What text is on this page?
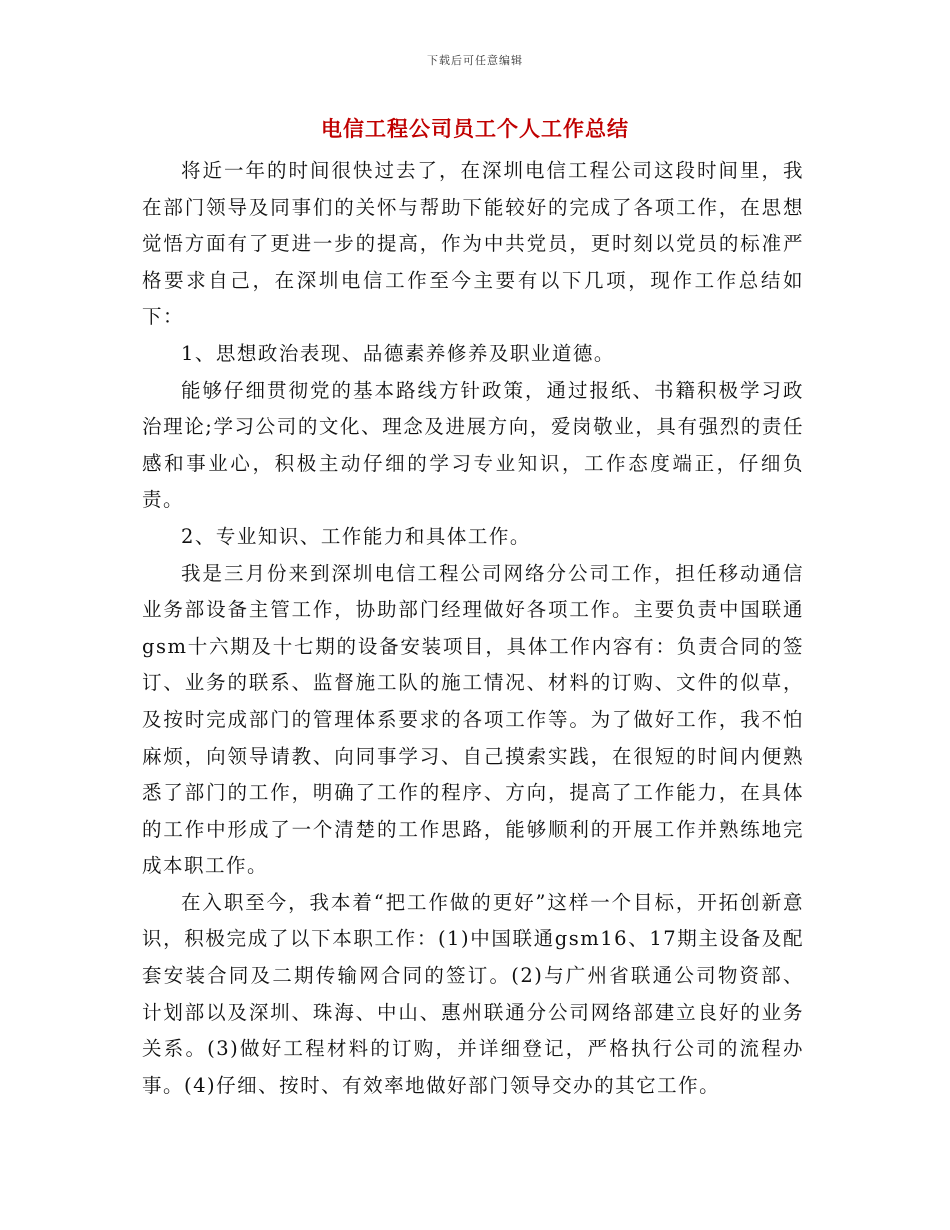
下载后可任意编辑
电信工程公司员工个人工作总结

将近一年的时间很快过去了，在深圳电信工程公司这段时间里，我在部门领导及同事们的关怀与帮助下能较好的完成了各项工作，在思想觉悟方面有了更进一步的提高，作为中共党员，更时刻以党员的标准严格要求自己，在深圳电信工作至今主要有以下几项，现作工作总结如下：

1、思想政治表现、品德素养修养及职业道德。

能够仔细贯彻党的基本路线方针政策，通过报纸、书籍积极学习政治理论;学习公司的文化、理念及进展方向，爱岗敬业，具有强烈的责任感和事业心，积极主动仔细的学习专业知识，工作态度端正，仔细负责。

2、专业知识、工作能力和具体工作。

我是三月份来到深圳电信工程公司网络分公司工作，担任移动通信业务部设备主管工作，协助部门经理做好各项工作。主要负责中国联通gsm十六期及十七期的设备安装项目，具体工作内容有：负责合同的签订、业务的联系、监督施工队的施工情况、材料的订购、文件的似草，及按时完成部门的管理体系要求的各项工作等。为了做好工作，我不怕麻烦，向领导请教、向同事学习、自己摸索实践，在很短的时间内便熟悉了部门的工作，明确了工作的程序、方向，提高了工作能力，在具体的工作中形成了一个清楚的工作思路，能够顺利的开展工作并熟练地完成本职工作。

在入职至今，我本着“把工作做的更好”这样一个目标，开拓创新意识，积极完成了以下本职工作：(1)中国联通gsm16、17期主设备及配套安装合同及二期传输网合同的签订。(2)与广州省联通公司物资部、计划部以及深圳、珠海、中山、惠州联通分公司网络部建立良好的业务关系。(3)做好工程材料的订购，并详细登记，严格执行公司的流程办事。(4)仔细、按时、有效率地做好部门领导交办的其它工作。
